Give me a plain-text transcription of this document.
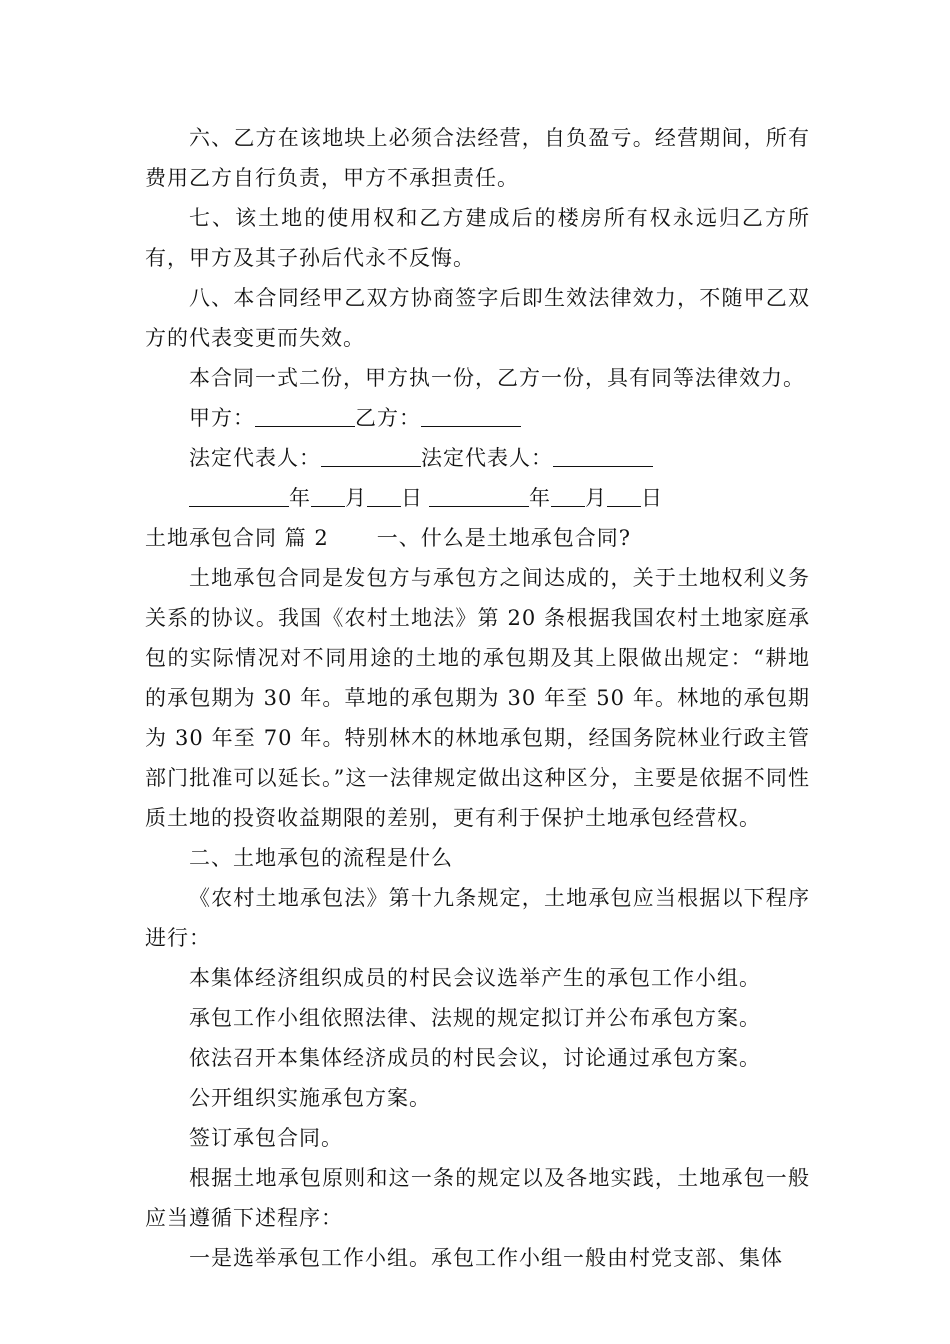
六、乙方在该地块上必须合法经营，自负盈亏。经营期间，所有费用乙方自行负责，甲方不承担责任。

七、该土地的使用权和乙方建成后的楼房所有权永远归乙方所有，甲方及其子孙后代永不反悔。

八、本合同经甲乙双方协商签字后即生效法律效力，不随甲乙双方的代表变更而失效。

本合同一式二份，甲方执一份，乙方一份，具有同等法律效力。

甲方：	乙方：
法定代表人：	法定代表人：
年 月 日	年 月 日
土地承包合同 篇 2 一、什么是土地承包合同?

土地承包合同是发包方与承包方之间达成的，关于土地权利义务关系的协议。我国《农村土地法》第 20 条根据我国农村土地家庭承包的实际情况对不同用途的土地的承包期及其上限做出规定：“耕地的承包期为 30 年。草地的承包期为 30 年至 50 年。林地的承包期为 30 年至 70 年。特别林木的林地承包期，经国务院林业行政主管部门批准可以延长。”这一法律规定做出这种区分，主要是依据不同性质土地的投资收益期限的差别，更有利于保护土地承包经营权。

二、土地承包的流程是什么

《农村土地承包法》第十九条规定，土地承包应当根据以下程序进行：

本集体经济组织成员的村民会议选举产生的承包工作小组。

承包工作小组依照法律、法规的规定拟订并公布承包方案。

依法召开本集体经济成员的村民会议，讨论通过承包方案。

公开组织实施承包方案。

签订承包合同。

根据土地承包原则和这一条的规定以及各地实践，土地承包一般应当遵循下述程序：

一是选举承包工作小组。承包工作小组一般由村党支部、集体
